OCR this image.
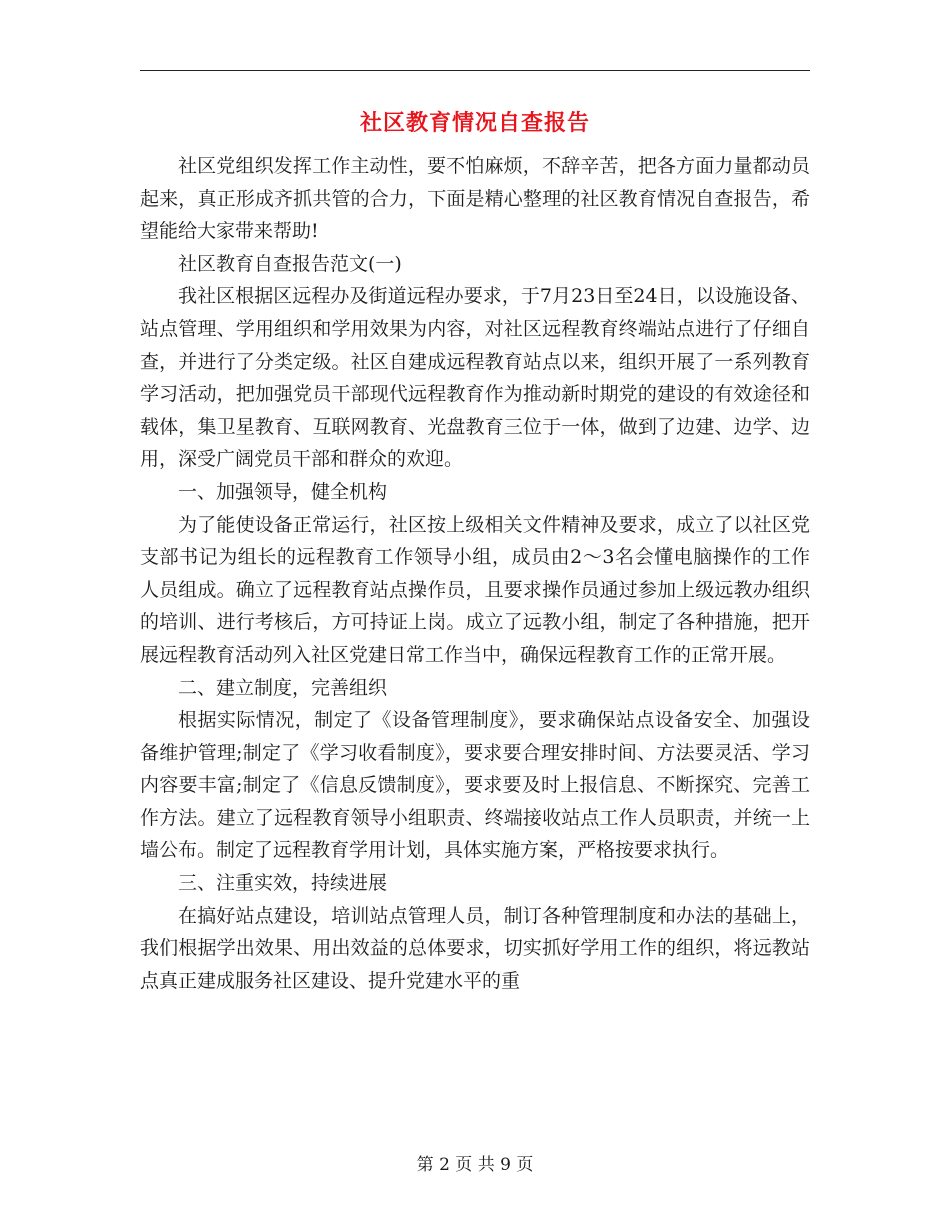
社区教育情况自查报告

社区党组织发挥工作主动性，要不怕麻烦，不辞辛苦，把各方面力量都动员起来，真正形成齐抓共管的合力，下面是精心整理的社区教育情况自查报告，希望能给大家带来帮助!

社区教育自查报告范文(一)

我社区根据区远程办及街道远程办要求，于7月23日至24日，以设施设备、站点管理、学用组织和学用效果为内容，对社区远程教育终端站点进行了仔细自查，并进行了分类定级。社区自建成远程教育站点以来，组织开展了一系列教育学习活动，把加强党员干部现代远程教育作为推动新时期党的建设的有效途径和载体，集卫星教育、互联网教育、光盘教育三位于一体，做到了边建、边学、边用，深受广阔党员干部和群众的欢迎。

一、加强领导，健全机构

为了能使设备正常运行，社区按上级相关文件精神及要求，成立了以社区党支部书记为组长的远程教育工作领导小组，成员由2～3名会懂电脑操作的工作人员组成。确立了远程教育站点操作员，且要求操作员通过参加上级远教办组织的培训、进行考核后，方可持证上岗。成立了远教小组，制定了各种措施，把开展远程教育活动列入社区党建日常工作当中，确保远程教育工作的正常开展。

二、建立制度，完善组织

根据实际情况，制定了《设备管理制度》，要求确保站点设备安全、加强设备维护管理;制定了《学习收看制度》，要求要合理安排时间、方法要灵活、学习内容要丰富;制定了《信息反馈制度》，要求要及时上报信息、不断探究、完善工作方法。建立了远程教育领导小组职责、终端接收站点工作人员职责，并统一上墙公布。制定了远程教育学用计划，具体实施方案，严格按要求执行。

三、注重实效，持续进展

在搞好站点建设，培训站点管理人员，制订各种管理制度和办法的基础上，我们根据学出效果、用出效益的总体要求，切实抓好学用工作的组织，将远教站点真正建成服务社区建设、提升党建水平的重

第 2 页 共 9 页
